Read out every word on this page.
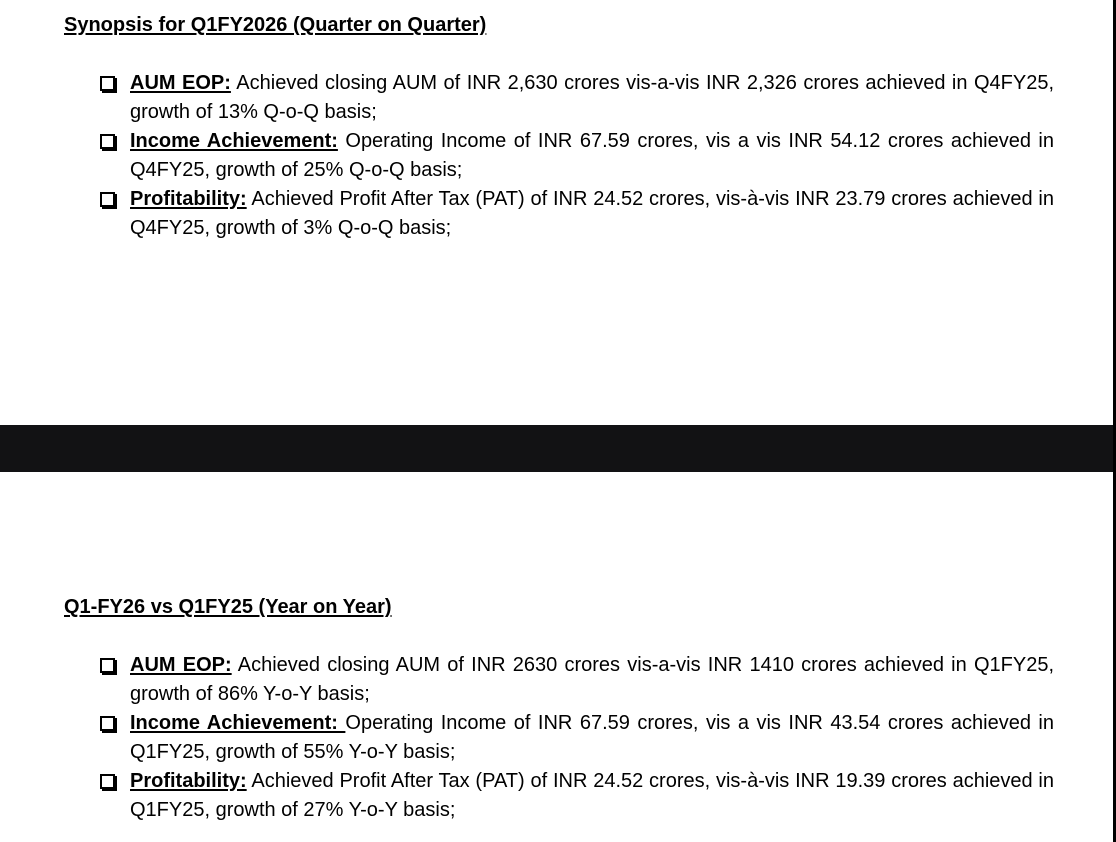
Synopsis for Q1FY2026 (Quarter on Quarter)
AUM EOP: Achieved closing AUM of INR 2,630 crores vis-a-vis INR 2,326 crores achieved in Q4FY25, growth of 13% Q-o-Q basis;
Income Achievement: Operating Income of INR 67.59 crores, vis a vis INR 54.12 crores achieved in Q4FY25, growth of 25% Q-o-Q basis;
Profitability: Achieved Profit After Tax (PAT) of INR 24.52 crores, vis-à-vis INR 23.79 crores achieved in Q4FY25, growth of 3% Q-o-Q basis;
Q1-FY26 vs Q1FY25 (Year on Year)
AUM EOP: Achieved closing AUM of INR 2630 crores vis-a-vis INR 1410 crores achieved in Q1FY25, growth of 86% Y-o-Y basis;
Income Achievement: Operating Income of INR 67.59 crores, vis a vis INR 43.54 crores achieved in Q1FY25, growth of 55% Y-o-Y basis;
Profitability: Achieved Profit After Tax (PAT) of INR 24.52 crores, vis-à-vis INR 19.39 crores achieved in Q1FY25, growth of 27% Y-o-Y basis;
